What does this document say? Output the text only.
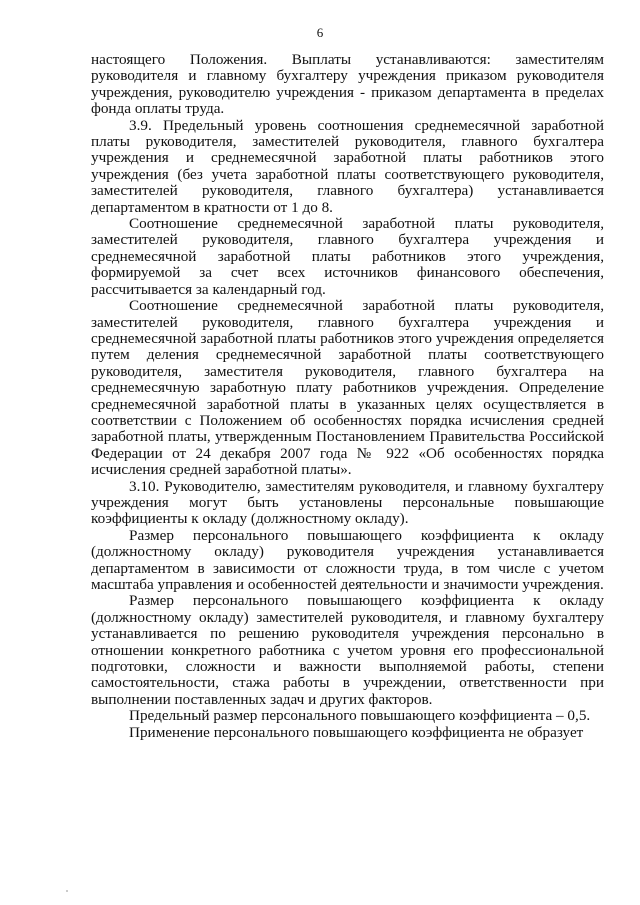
6

настоящего Положения. Выплаты устанавливаются: заместителям руководителя и главному бухгалтеру учреждения приказом руководителя учреждения, руководителю учреждения - приказом департамента в пределах фонда оплаты труда.

3.9. Предельный уровень соотношения среднемесячной заработной платы руководителя, заместителей руководителя, главного бухгалтера учреждения и среднемесячной заработной платы работников этого учреждения (без учета заработной платы соответствующего руководителя, заместителей руководителя, главного бухгалтера) устанавливается департаментом в кратности от 1 до 8.

Соотношение среднемесячной заработной платы руководителя, заместителей руководителя, главного бухгалтера учреждения и среднемесячной заработной платы работников этого учреждения, формируемой за счет всех источников финансового обеспечения, рассчитывается за календарный год.

Соотношение среднемесячной заработной платы руководителя, заместителей руководителя, главного бухгалтера учреждения и среднемесячной заработной платы работников этого учреждения определяется путем деления среднемесячной заработной платы соответствующего руководителя, заместителя руководителя, главного бухгалтера на среднемесячную заработную плату работников учреждения. Определение среднемесячной заработной платы в указанных целях осуществляется в соответствии с Положением об особенностях порядка исчисления средней заработной платы, утвержденным Постановлением Правительства Российской Федерации от 24 декабря 2007 года № 922 «Об особенностях порядка исчисления средней заработной платы».

3.10. Руководителю, заместителям руководителя, и главному бухгалтеру учреждения могут быть установлены персональные повышающие коэффициенты к окладу (должностному окладу).

Размер персонального повышающего коэффициента к окладу (должностному окладу) руководителя учреждения устанавливается департаментом в зависимости от сложности труда, в том числе с учетом масштаба управления и особенностей деятельности и значимости учреждения.

Размер персонального повышающего коэффициента к окладу (должностному окладу) заместителей руководителя, и главному бухгалтеру устанавливается по решению руководителя учреждения персонально в отношении конкретного работника с учетом уровня его профессиональной подготовки, сложности и важности выполняемой работы, степени самостоятельности, стажа работы в учреждении, ответственности при выполнении поставленных задач и других факторов.

Предельный размер персонального повышающего коэффициента – 0,5.

Применение персонального повышающего коэффициента не образует
